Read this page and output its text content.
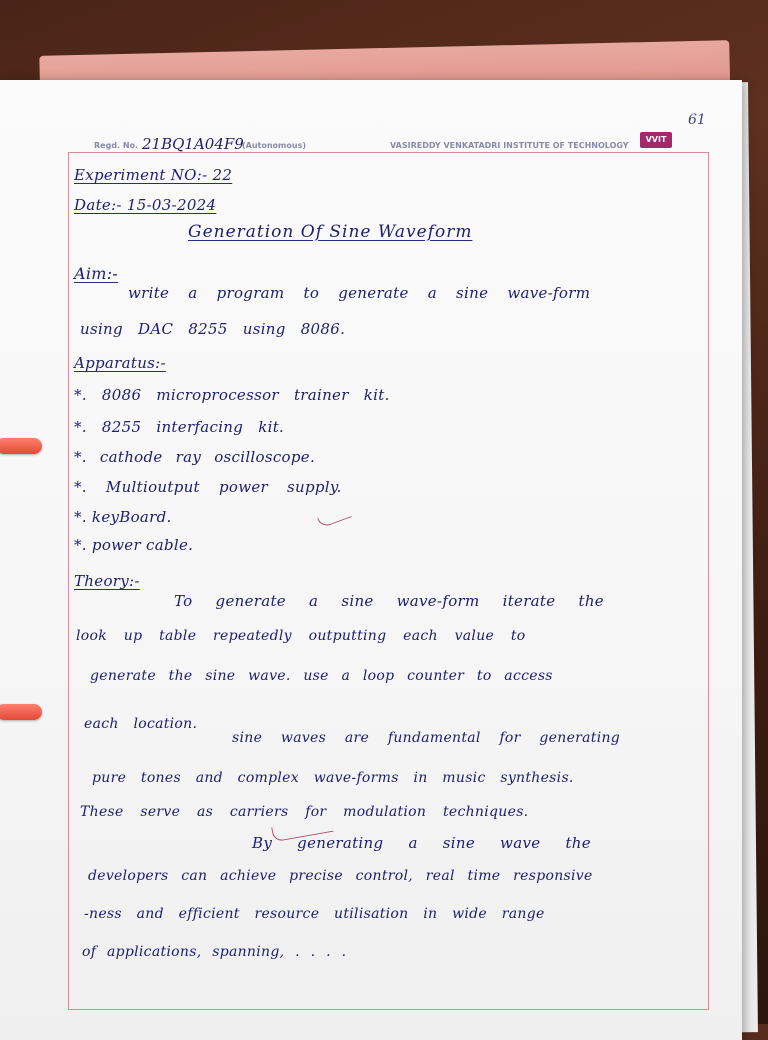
61
Regd. No. 21BQ1A04F9
(Autonomous)	VASIREDDY VENKATADRI INSTITUTE OF TECHNOLOGY
VVIT
Experiment NO:- 22
Date:- 15-03-2024
Generation Of Sine Waveform
Aim:-
write a program to generate a sine wave-form
using DAC 8255 using 8086.
Apparatus:-
*. 8086 microprocessor trainer kit.
*. 8255 interfacing kit.
*. cathode ray oscilloscope.
*. Multioutput power supply.
*. keyBoard.
*. power cable.
Theory:-
To generate a sine wave-form iterate the
look up table repeatedly outputting each value to
generate the sine wave. use a loop counter to access
each location.
sine waves are fundamental for generating
pure tones and complex wave-forms in music synthesis.
These serve as carriers for modulation techniques.
By generating a sine wave the
developers can achieve precise control, real time responsive
-ness and efficient resource utilisation in wide range
of applications, spanning, . . . .
